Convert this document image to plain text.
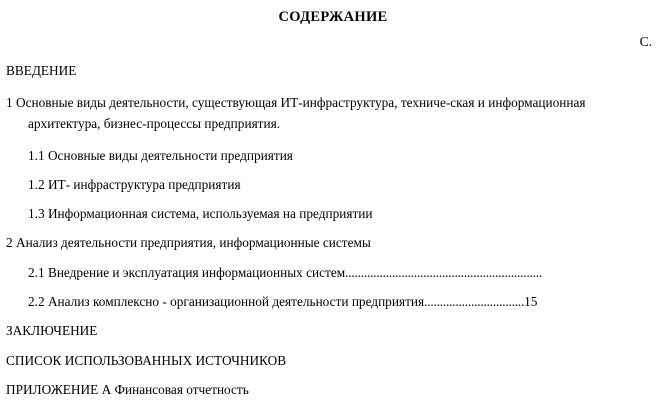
СОДЕРЖАНИЕ
С.
ВВЕДЕНИЕ
1 Основные виды деятельности, существующая ИТ-инфраструктура, техниче-ская и информационная
архитектура, бизнес-процессы предприятия.
1.1 Основные виды деятельности предприятия
1.2 ИТ- инфраструктура предприятия
1.3 Информационная система, используемая на предприятии
2 Анализ деятельности предприятия, информационные системы
2.1 Внедрение и эксплуатация информационных систем...............................................................
2.2 Анализ комплексно - организационной деятельности предприятия................................15
ЗАКЛЮЧЕНИЕ
СПИСОК ИСПОЛЬЗОВАННЫХ ИСТОЧНИКОВ
ПРИЛОЖЕНИЕ А Финансовая отчетность
